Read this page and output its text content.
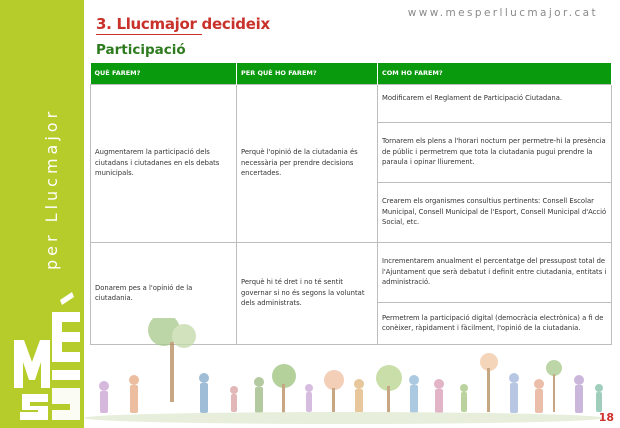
per Llucmajor
www.mesperllucmajor.cat
3. Llucmajor decideix
Participació
QUÈ FAREM?	PER QUÈ HO FAREM?	COM HO FAREM?
Augmentarem la participació dels ciutadans i ciutadanes en els debats municipals.	Perquè l'opinió de la ciutadania és necessària per prendre decisions encertades.	Modificarem el Reglament de Participació Ciutadana.
		Tornarem els plens a l'horari nocturn per permetre-hi la presència de públic i permetrem que tota la ciutadania pugui prendre la paraula i opinar lliurement.
		Crearem els organismes consultius pertinents: Consell Escolar Municipal, Consell Municipal de l'Esport, Consell Municipal d'Acció Social, etc.
Donarem pes a l'opinió de la ciutadania.	Perquè hi té dret i no té sentit governar si no és segons la voluntat dels administrats.	Incrementarem anualment el percentatge del pressupost total de l'Ajuntament que serà debatut i definit entre ciutadania, entitats i administració.
		Permetrem la participació digital (democràcia electrònica) a fi de conèixer, ràpidament i fàcilment, l'opinió de la ciutadania.
18
